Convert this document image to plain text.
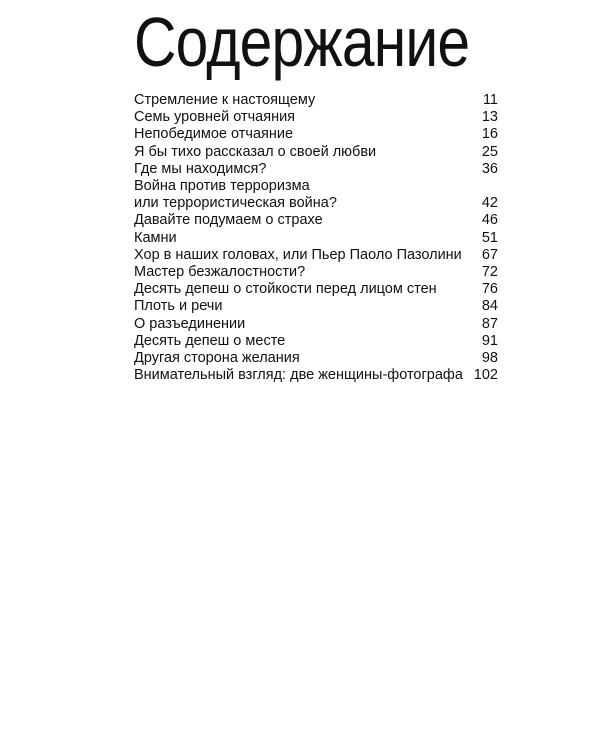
Содержание
Стремление к настоящему	11
Семь уровней отчаяния	13
Непобедимое отчаяние	16
Я бы тихо рассказал о своей любви	25
Где мы находимся?	36
Война против терроризма
или террористическая война?	42
Давайте подумаем о страхе	46
Камни	51
Хор в наших головах, или Пьер Паоло Пазолини	67
Мастер безжалостности?	72
Десять депеш о стойкости перед лицом стен	76
Плоть и речи	84
О разъединении	87
Десять депеш о месте	91
Другая сторона желания	98
Внимательный взгляд: две женщины-фотографа 102
